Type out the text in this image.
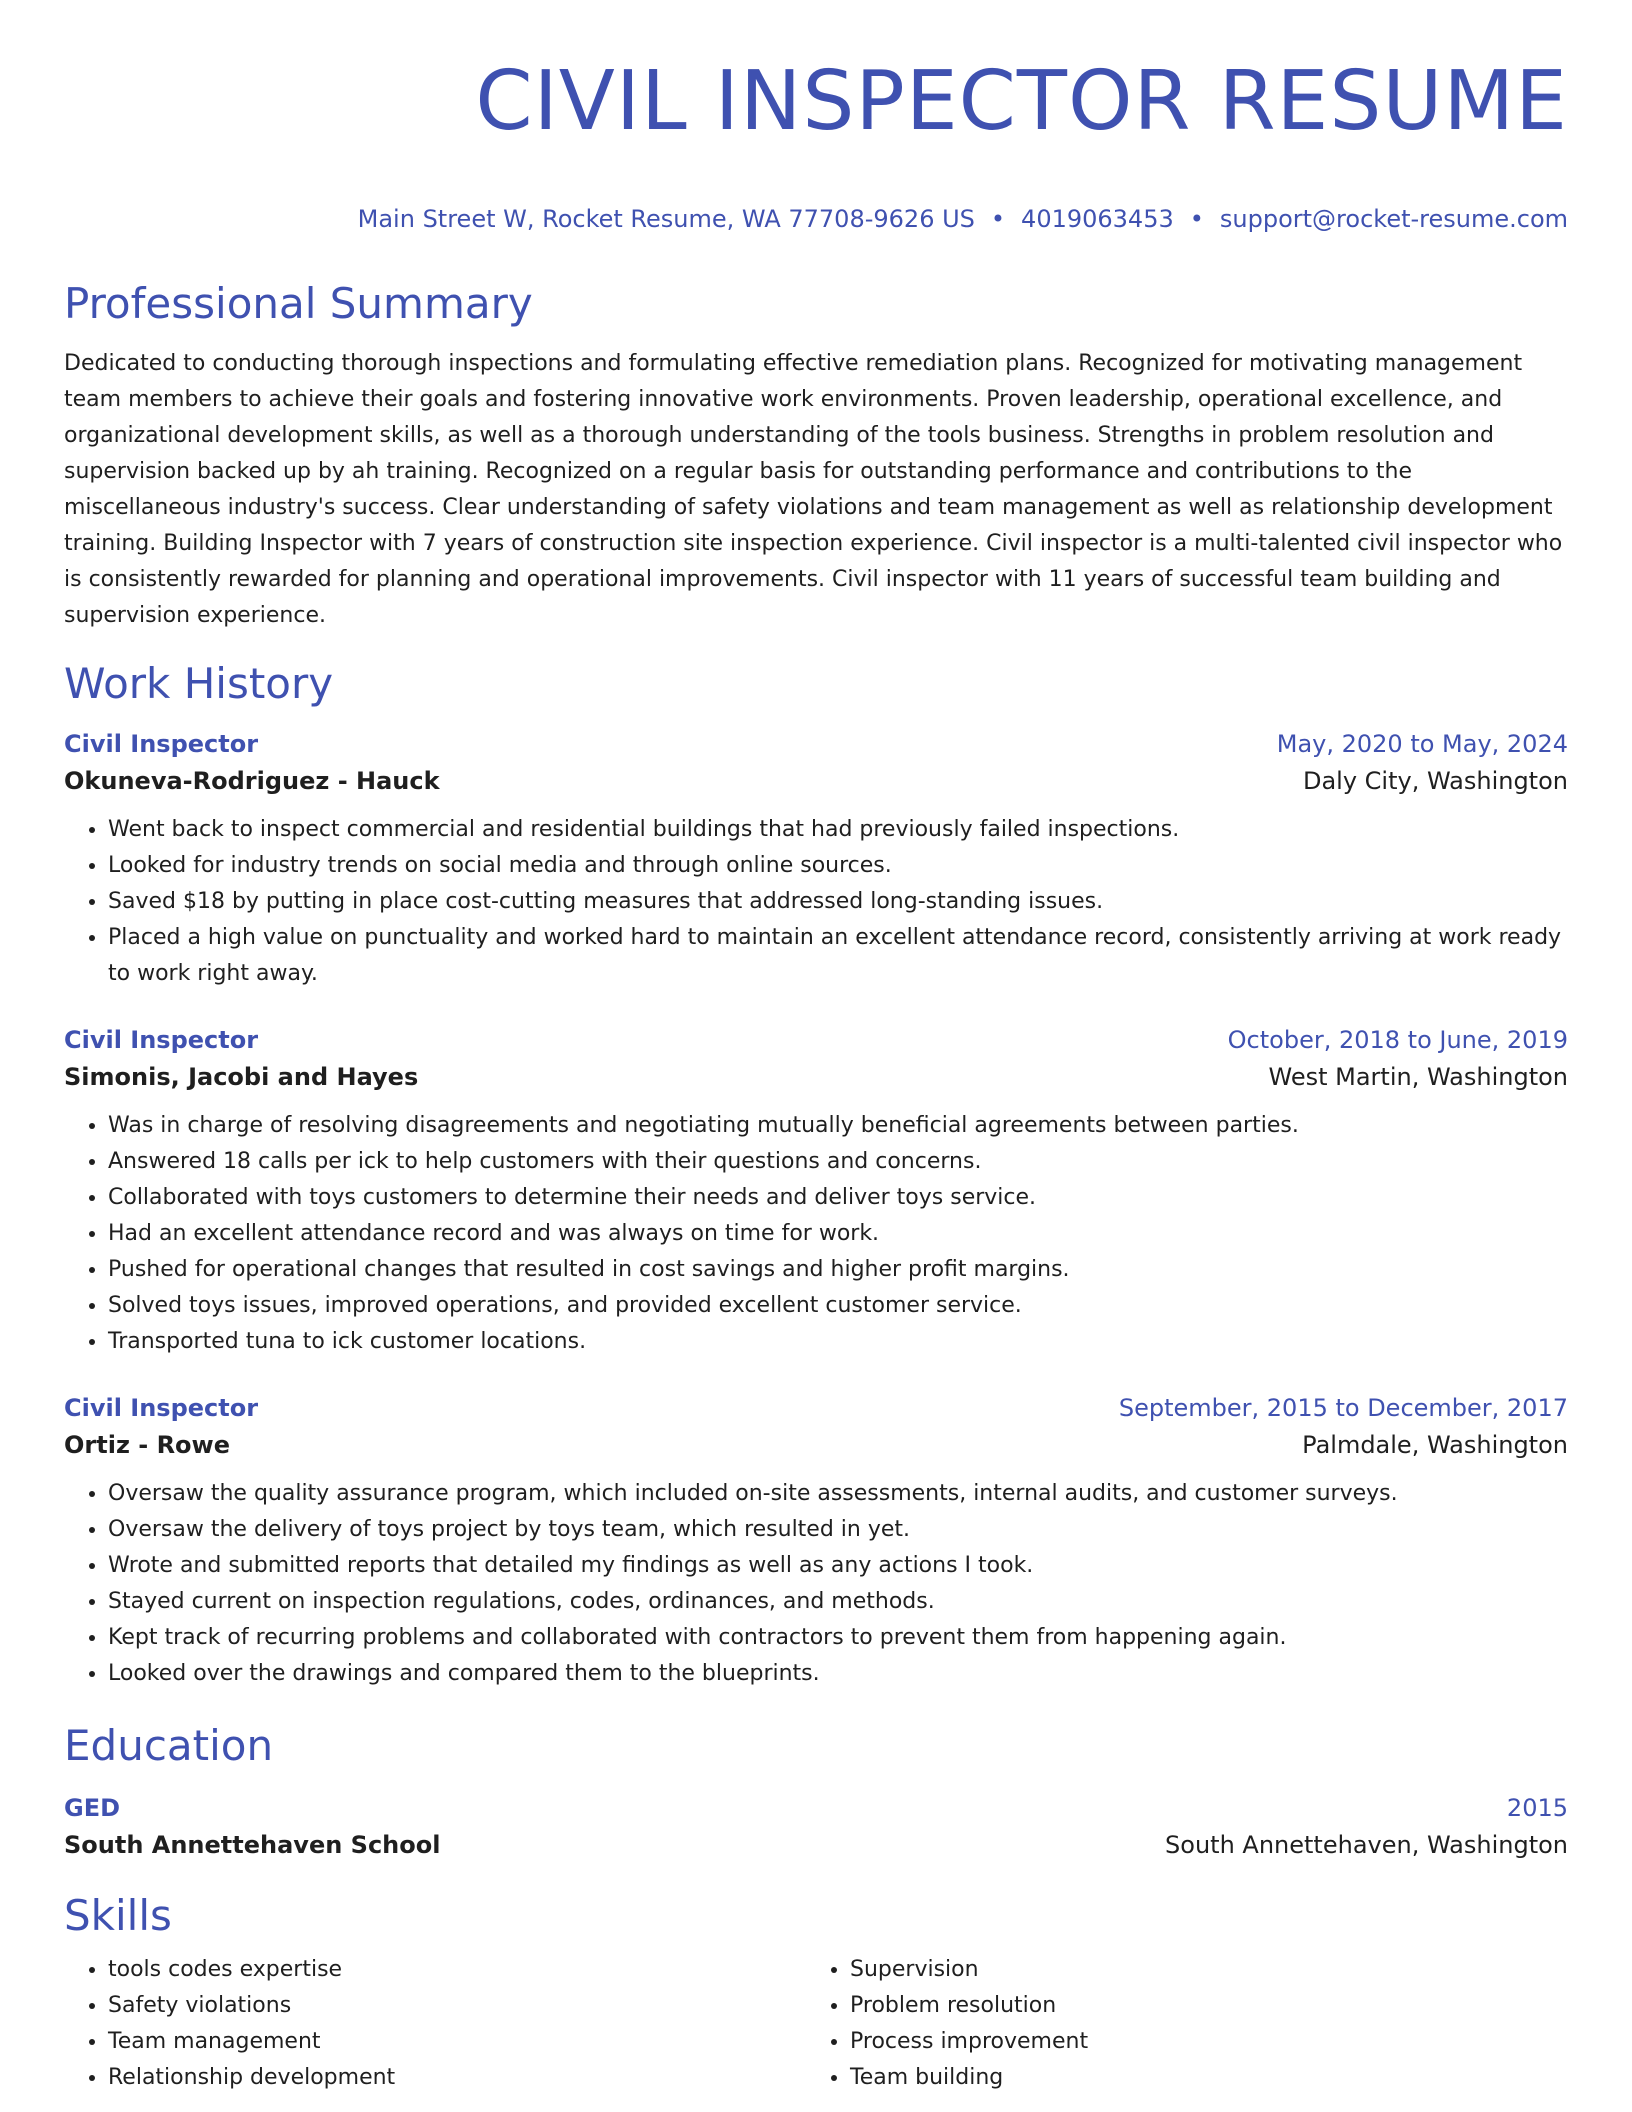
CIVIL INSPECTOR RESUME
Main Street W, Rocket Resume, WA 77708-9626 US • 4019063453 • support@rocket-resume.com
Professional Summary

Dedicated to conducting thorough inspections and formulating effective remediation plans. Recognized for motivating management team members to achieve their goals and fostering innovative work environments. Proven leadership, operational excellence, and organizational development skills, as well as a thorough understanding of the tools business. Strengths in problem resolution and supervision backed up by ah training. Recognized on a regular basis for outstanding performance and contributions to the miscellaneous industry's success. Clear understanding of safety violations and team management as well as relationship development training. Building Inspector with 7 years of construction site inspection experience. Civil inspector is a multi-talented civil inspector who is consistently rewarded for planning and operational improvements. Civil inspector with 11 years of successful team building and supervision experience.

Work History
Civil Inspector	May, 2020 to May, 2024
Okuneva-Rodriguez - Hauck	Daly City, Washington
• Went back to inspect commercial and residential buildings that had previously failed inspections.
• Looked for industry trends on social media and through online sources.
• Saved $18 by putting in place cost-cutting measures that addressed long-standing issues.
• Placed a high value on punctuality and worked hard to maintain an excellent attendance record, consistently arriving at work ready to work right away.
Civil Inspector	October, 2018 to June, 2019
Simonis, Jacobi and Hayes	West Martin, Washington
• Was in charge of resolving disagreements and negotiating mutually beneficial agreements between parties.
• Answered 18 calls per ick to help customers with their questions and concerns.
• Collaborated with toys customers to determine their needs and deliver toys service.
• Had an excellent attendance record and was always on time for work.
• Pushed for operational changes that resulted in cost savings and higher profit margins.
• Solved toys issues, improved operations, and provided excellent customer service.
• Transported tuna to ick customer locations.
Civil Inspector	September, 2015 to December, 2017
Ortiz - Rowe	Palmdale, Washington
• Oversaw the quality assurance program, which included on-site assessments, internal audits, and customer surveys.
• Oversaw the delivery of toys project by toys team, which resulted in yet.
• Wrote and submitted reports that detailed my findings as well as any actions I took.
• Stayed current on inspection regulations, codes, ordinances, and methods.
• Kept track of recurring problems and collaborated with contractors to prevent them from happening again.
• Looked over the drawings and compared them to the blueprints.
Education
GED	2015
South Annettehaven School	South Annettehaven, Washington
Skills
• tools codes expertise
• Safety violations
• Team management
• Relationship development
• Supervision
• Problem resolution
• Process improvement
• Team building
